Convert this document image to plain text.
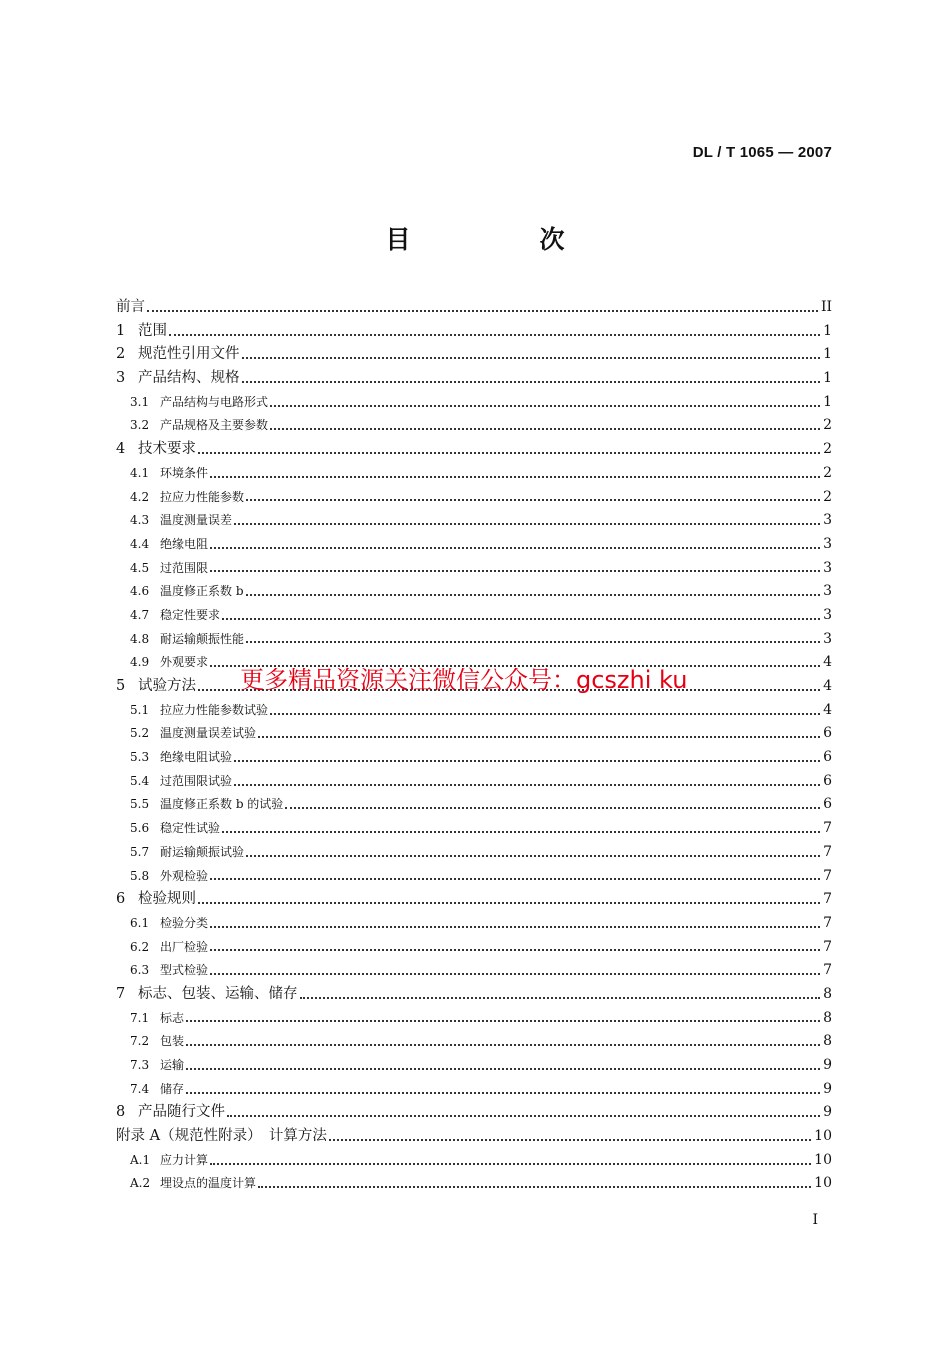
DL / T 1065 — 2007
目　次
前言	II
1 范围	1
2 规范性引用文件	1
3 产品结构、规格	1
3.1 产品结构与电路形式	1
3.2 产品规格及主要参数	2
4 技术要求	2
4.1 环境条件	2
4.2 拉应力性能参数	2
4.3 温度测量误差	3
4.4 绝缘电阻	3
4.5 过范围限	3
4.6 温度修正系数 b	3
4.7 稳定性要求	3
4.8 耐运输颠振性能	3
4.9 外观要求	4
5 试验方法	4
5.1 拉应力性能参数试验	4
5.2 温度测量误差试验	6
5.3 绝缘电阻试验	6
5.4 过范围限试验	6
5.5 温度修正系数 b 的试验	6
5.6 稳定性试验	7
5.7 耐运输颠振试验	7
5.8 外观检验	7
6 检验规则	7
6.1 检验分类	7
6.2 出厂检验	7
6.3 型式检验	7
7 标志、包装、运输、储存	8
7.1 标志	8
7.2 包装	8
7.3 运输	9
7.4 储存	9
8 产品随行文件	9
附录 A（规范性附录）　计算方法	10
A.1 应力计算	10
A.2 埋设点的温度计算	10
更多精品资源关注微信公众号：gcszhi ku
I
